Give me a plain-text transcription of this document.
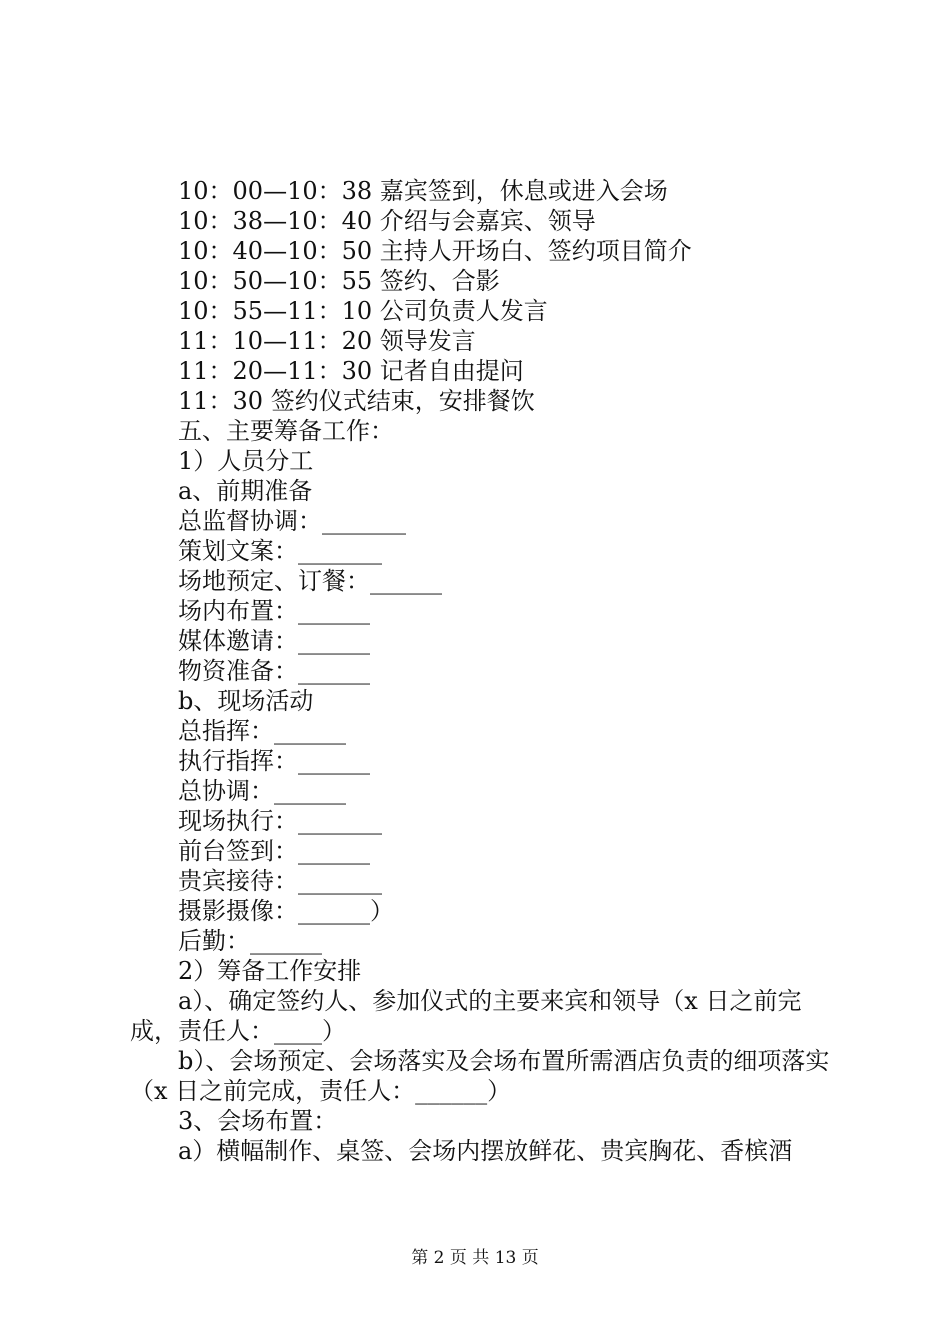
10：00—10：38 嘉宾签到，休息或进入会场
10：38—10：40 介绍与会嘉宾、领导
10：40—10：50 主持人开场白、签约项目简介
10：50—10：55 签约、合影
10：55—11：10 公司负责人发言
11：10—11：20 领导发言
11：20—11：30 记者自由提问
11：30 签约仪式结束，安排餐饮
五、主要筹备工作：
1）人员分工
a、前期准备
总监督协调：_______
策划文案：_______
场地预定、订餐：______
场内布置：______
媒体邀请：______
物资准备：______
b、现场活动
总指挥：______
执行指挥：______
总协调：______
现场执行：_______
前台签到：______
贵宾接待：_______
摄影摄像：______）
后勤：______
2）筹备工作安排
a）、确定签约人、参加仪式的主要来宾和领导（x 日之前完成，责任人：____）
b）、会场预定、会场落实及会场布置所需酒店负责的细项落实（x 日之前完成，责任人：______）
3、会场布置：
a）横幅制作、桌签、会场内摆放鲜花、贵宾胸花、香槟酒
第 2 页 共 13 页
